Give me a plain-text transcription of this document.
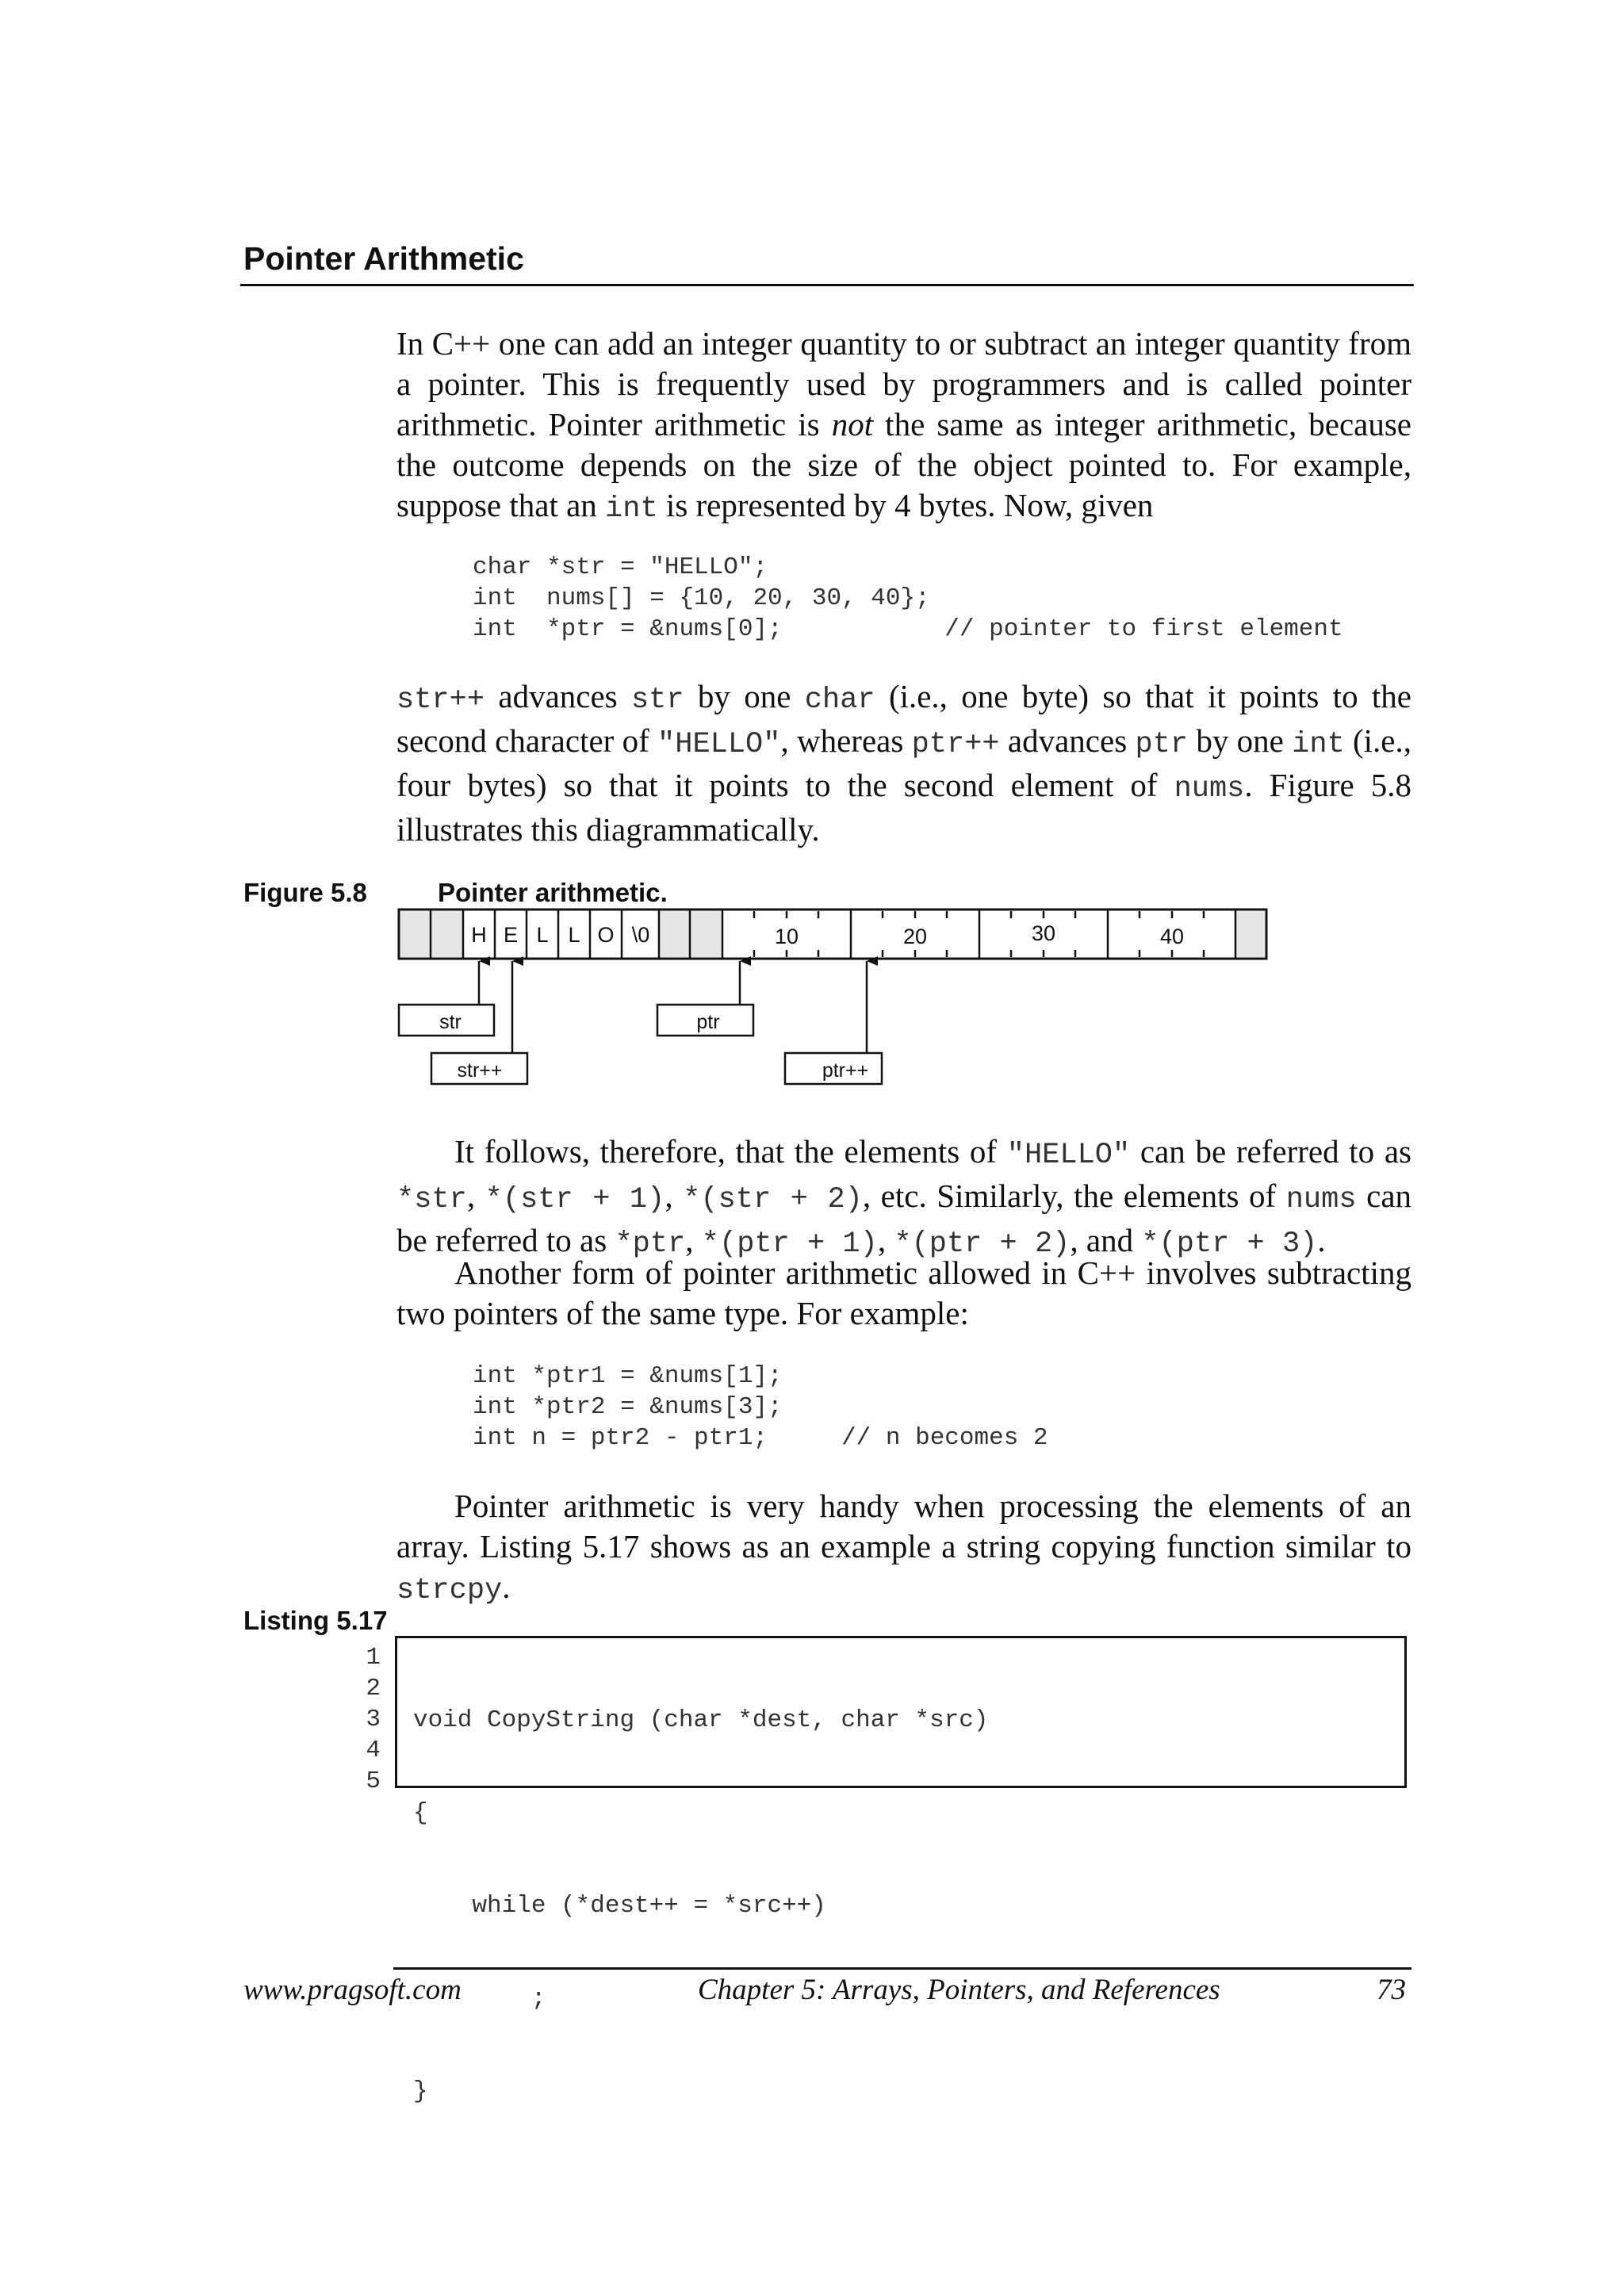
Pointer Arithmetic
In C++ one can add an integer quantity to or subtract an integer quantity from a pointer. This is frequently used by programmers and is called pointer arithmetic. Pointer arithmetic is not the same as integer arithmetic, because the outcome depends on the size of the object pointed to. For example, suppose that an int is represented by 4 bytes. Now, given
char *str = "HELLO";
int  nums[] = {10, 20, 30, 40};
int  *ptr = &nums[0];           // pointer to first element
str++ advances str by one char (i.e., one byte) so that it points to the second character of "HELLO", whereas ptr++ advances ptr by one int (i.e., four bytes) so that it points to the second element of nums. Figure 5.8 illustrates this diagrammatically.
Figure 5.8	Pointer arithmetic.
H E L L O \0	10	20	30	40
str
str++
ptr
ptr++
It follows, therefore, that the elements of "HELLO" can be referred to as *str, *(str + 1), *(str + 2), etc. Similarly, the elements of nums can be referred to as *ptr, *(ptr + 1), *(ptr + 2), and *(ptr + 3).
Another form of pointer arithmetic allowed in C++ involves subtracting two pointers of the same type. For example:
int *ptr1 = &nums[1];
int *ptr2 = &nums[3];
int n = ptr2 - ptr1;     // n becomes 2
Pointer arithmetic is very handy when processing the elements of an array. Listing 5.17 shows as an example a string copying function similar to strcpy.
Listing 5.17
1
2
3
4
5

void CopyString (char *dest, char *src)

{

while (*dest++ = *src++)

;

}

www.pragsoft.com	Chapter 5: Arrays, Pointers, and References	73
